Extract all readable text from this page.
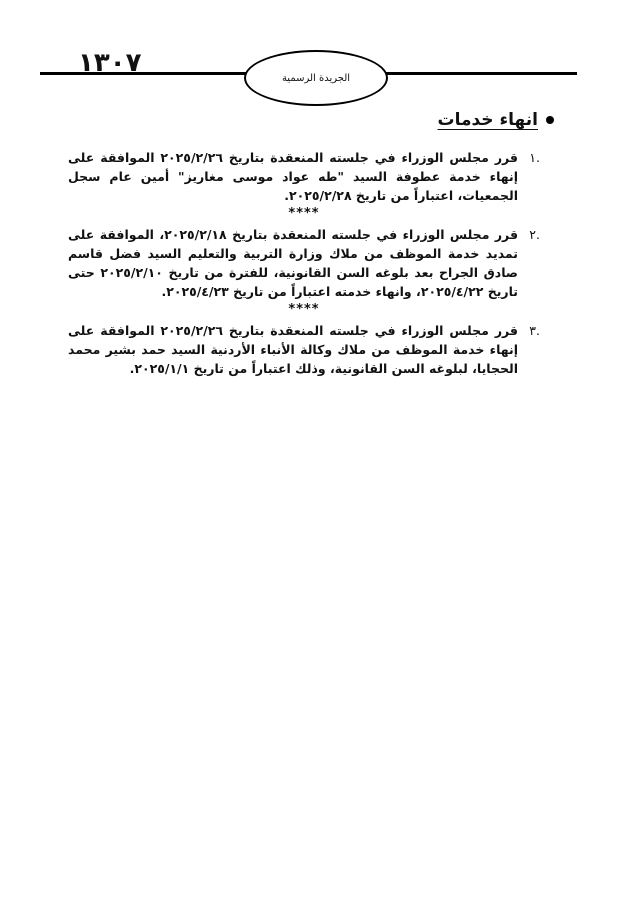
١٣٠٧	الجريدة الرسمية
انهاء خدمات
.١
قرر مجلس الوزراء في جلسته المنعقدة بتاريخ ٢٠٢٥/٢/٢٦ الموافقة على إنهاء خدمة عطوفة السيد "طه عواد موسى مغاريز" أمين عام سجل الجمعيات، اعتباراً من تاريخ ٢٠٢٥/٢/٢٨.
****
.٢
قرر مجلس الوزراء في جلسته المنعقدة بتاريخ ٢٠٢٥/٢/١٨، الموافقة على تمديد خدمة الموظف من ملاك وزارة التربية والتعليم السيد فضل قاسم صادق الجراح بعد بلوغه السن القانونية، للفترة من تاريخ ٢٠٢٥/٢/١٠ حتى تاريخ ٢٠٢٥/٤/٢٢، وانهاء خدمته اعتباراً من تاريخ ٢٠٢٥/٤/٢٣.
****
.٣
قرر مجلس الوزراء في جلسته المنعقدة بتاريخ ٢٠٢٥/٢/٢٦ الموافقة على إنهاء خدمة الموظف من ملاك وكالة الأنباء الأردنية السيد حمد بشير محمد الحجايا، لبلوغه السن القانونية، وذلك اعتباراً من تاريخ ٢٠٢٥/١/١.
